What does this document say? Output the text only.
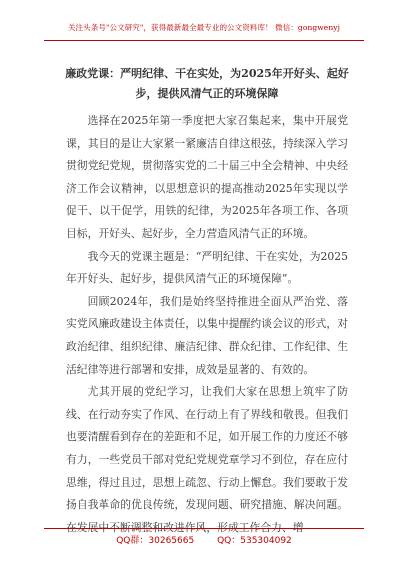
关注头条号"公文研究"，获得最新最全最专业的公文资料库！ 微信：gongwenyj
廉政党课：严明纪律、干在实处，为2025年开好头、起好
步，提供风清气正的环境保障

选择在2025年第一季度把大家召集起来，集中开展党课，其目的是让大家紧一紧廉洁自律这根弦，持续深入学习贯彻党纪党规，贯彻落实党的二十届三中全会精神、中央经济工作会议精神，以思想意识的提高推动2025年实现以学促干、以干促学，用铁的纪律，为2025年各项工作、各项目标，开好头、起好步，全力营造风清气正的环境。

我今天的党课主题是：“严明纪律、干在实处，为2025年开好头、起好步，提供风清气正的环境保障”。

回顾2024年，我们是始终坚持推进全面从严治党、落实党风廉政建设主体责任，以集中提醒约谈会议的形式，对政治纪律、组织纪律、廉洁纪律、群众纪律、工作纪律、生活纪律等进行部署和安排，成效是显著的、有效的。

尤其开展的党纪学习，让我们大家在思想上筑牢了防线、在行动夯实了作风、在行动上有了界线和敬畏。但我们也要清醒看到存在的差距和不足，如开展工作的力度还不够有力，一些党员干部对党纪党规党章学习不到位，存在应付思维，得过且过，思想上疏忽、行动上懈怠。我们要敢于发扬自我革命的优良传统，发现问题、研究措施、解决问题。在发展中不断调整和改进作风，形成工作合力、增

QQ群：30265665	QQ：535304092
